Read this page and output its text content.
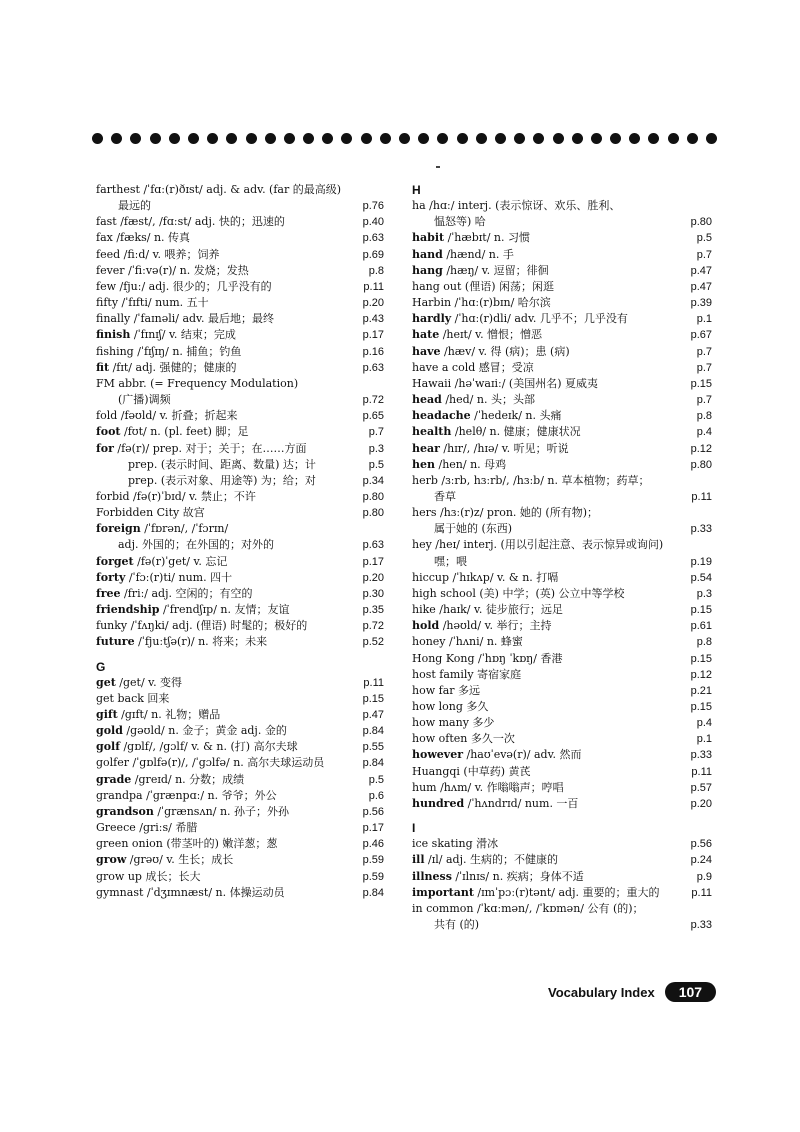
farthest /ˈfɑː(r)ðɪst/ adj. & adv. (far 的最高级)
最远的	p.76
fast /fæst/, /fɑːst/ adj. 快的；迅速的	p.40
fax /fæks/ n. 传真	p.63
feed /fiːd/ v. 喂养；饲养	p.69
fever /ˈfiːvə(r)/ n. 发烧；发热	p.8
few /fjuː/ adj. 很少的；几乎没有的	p.11
fifty /ˈfɪfti/ num. 五十	p.20
finally /ˈfaɪnəli/ adv. 最后地；最终	p.43
finish /ˈfɪnɪʃ/ v. 结束；完成	p.17
fishing /ˈfɪʃɪŋ/ n. 捕鱼；钓鱼	p.16
fit /fɪt/ adj. 强健的；健康的	p.63
FM abbr. (= Frequency Modulation)
(广播)调频	p.72
fold /fəʊld/ v. 折叠；折起来	p.65
foot /fʊt/ n. (pl. feet) 脚；足	p.7
for /fə(r)/ prep. 对于；关于；在……方面	p.3
prep. (表示时间、距离、数量) 达；计	p.5
prep. (表示对象、用途等) 为；给；对	p.34
forbid /fə(r)ˈbɪd/ v. 禁止；不许	p.80
Forbidden City 故宫	p.80
foreign /ˈfɒrən/, /ˈfɔrɪn/
adj. 外国的；在外国的；对外的	p.63
forget /fə(r)ˈget/ v. 忘记	p.17
forty /ˈfɔː(r)ti/ num. 四十	p.20
free /friː/ adj. 空闲的；有空的	p.30
friendship /ˈfrendʃɪp/ n. 友情；友谊	p.35
funky /ˈfʌŋki/ adj. (俚语) 时髦的；极好的	p.72
future /ˈfjuːtʃə(r)/ n. 将来；未来	p.52
G
get /get/ v. 变得	p.11
get back 回来	p.15
gift /gɪft/ n. 礼物；赠品	p.47
gold /gəʊld/ n. 金子；黄金 adj. 金的	p.84
golf /gɒlf/, /gɔlf/ v. & n. (打) 高尔夫球	p.55
golfer /ˈgɒlfə(r)/, /ˈgɔlfə/ n. 高尔夫球运动员	p.84
grade /greɪd/ n. 分数；成绩	p.5
grandpa /ˈgrænpɑː/ n. 爷爷；外公	p.6
grandson /ˈgrænsʌn/ n. 孙子；外孙	p.56
Greece /griːs/ 希腊	p.17
green onion (带茎叶的) 嫩洋葱；葱	p.46
grow /grəʊ/ v. 生长；成长	p.59
grow up 成长；长大	p.59
gymnast /ˈdʒɪmnæst/ n. 体操运动员	p.84
H
ha /hɑː/ interj. (表示惊讶、欢乐、胜利、
愠怒等) 哈	p.80
habit /ˈhæbɪt/ n. 习惯	p.5
hand /hænd/ n. 手	p.7
hang /hæŋ/ v. 逗留；徘徊	p.47
hang out (俚语) 闲荡；闲逛	p.47
Harbin /ˈhɑː(r)bɪn/ 哈尔滨	p.39
hardly /ˈhɑː(r)dli/ adv. 几乎不；几乎没有	p.1
hate /heɪt/ v. 憎恨；憎恶	p.67
have /hæv/ v. 得 (病)；患 (病)	p.7
have a cold 感冒；受凉	p.7
Hawaii /həˈwaɪiː/ (美国州名) 夏威夷	p.15
head /hed/ n. 头；头部	p.7
headache /ˈhedeɪk/ n. 头痛	p.8
health /helθ/ n. 健康；健康状况	p.4
hear /hɪr/, /hɪə/ v. 听见；听说	p.12
hen /hen/ n. 母鸡	p.80
herb /ɜːrb, hɜːrb/, /hɜːb/ n. 草本植物；药草；
香草	p.11
hers /hɜː(r)z/ pron. 她的 (所有物)；
属于她的 (东西)	p.33
hey /heɪ/ interj. (用以引起注意、表示惊异或询问)
嘿；喂	p.19
hiccup /ˈhɪkʌp/ v. & n. 打嗝	p.54
high school (美) 中学；(英) 公立中等学校	p.3
hike /haɪk/ v. 徒步旅行；远足	p.15
hold /həʊld/ v. 举行；主持	p.61
honey /ˈhʌni/ n. 蜂蜜	p.8
Hong Kong /ˈhɒŋ ˈkɒŋ/ 香港	p.15
host family 寄宿家庭	p.12
how far 多远	p.21
how long 多久	p.15
how many 多少	p.4
how often 多久一次	p.1
however /haʊˈevə(r)/ adv. 然而	p.33
Huangqi (中草药) 黄芪	p.11
hum /hʌm/ v. 作嗡嗡声；哼唱	p.57
hundred /ˈhʌndrɪd/ num. 一百	p.20
I
ice skating 滑冰	p.56
ill /ɪl/ adj. 生病的；不健康的	p.24
illness /ˈɪlnɪs/ n. 疾病；身体不适	p.9
important /ɪmˈpɔː(r)tənt/ adj. 重要的；重大的	p.11
in common /ˈkɑːmən/, /ˈkɒmən/ 公有 (的)；
共有 (的)	p.33
Vocabulary Index	107
